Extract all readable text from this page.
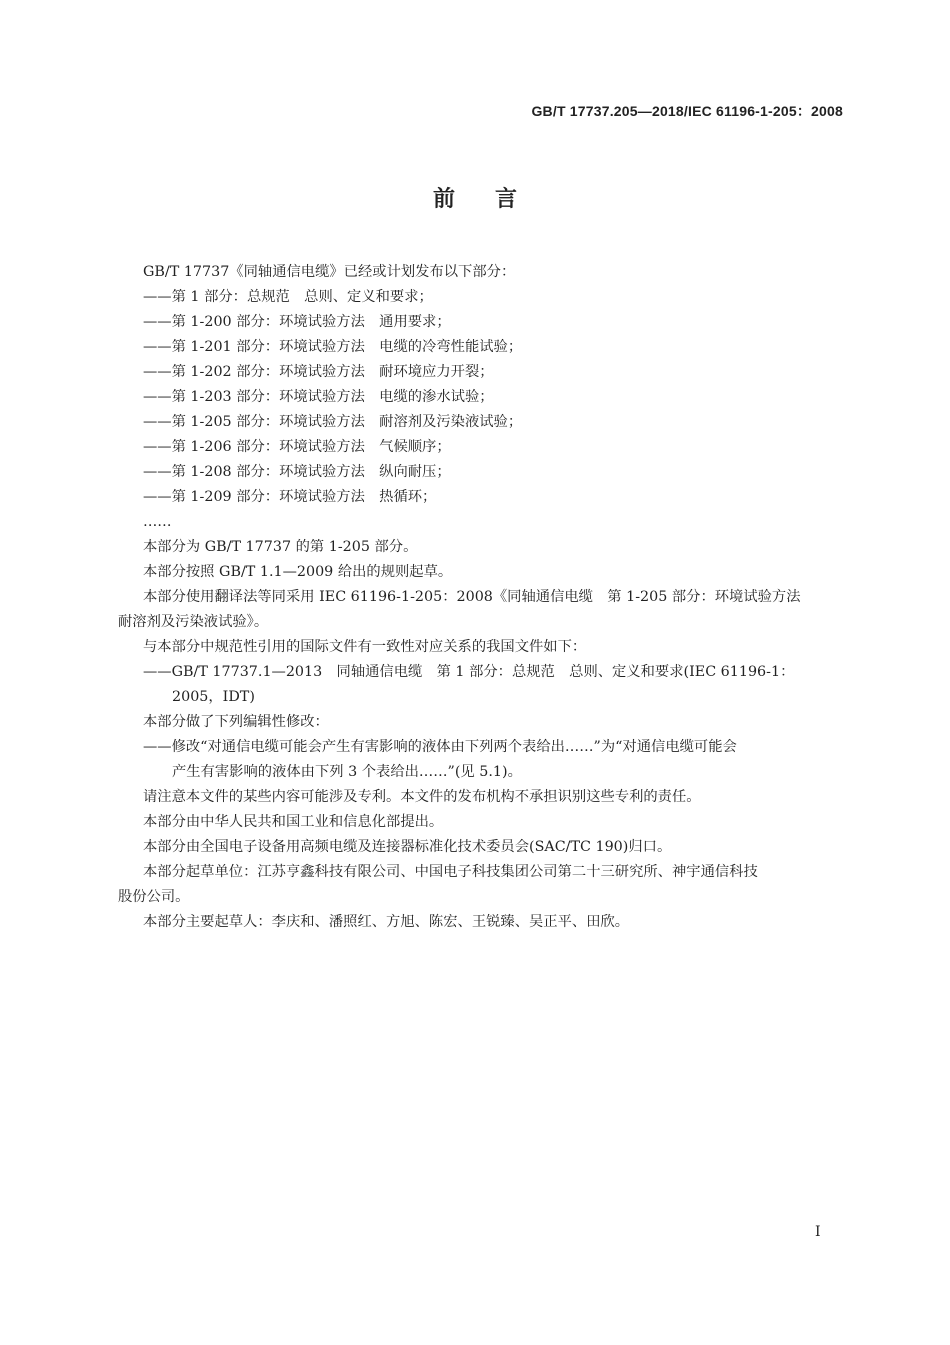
GB/T 17737.205—2018/IEC 61196-1-205：2008
前言
GB/T 17737《同轴通信电缆》已经或计划发布以下部分：
——第 1 部分：总规范　总则、定义和要求；
——第 1-200 部分：环境试验方法　通用要求；
——第 1-201 部分：环境试验方法　电缆的冷弯性能试验；
——第 1-202 部分：环境试验方法　耐环境应力开裂；
——第 1-203 部分：环境试验方法　电缆的渗水试验；
——第 1-205 部分：环境试验方法　耐溶剂及污染液试验；
——第 1-206 部分：环境试验方法　气候顺序；
——第 1-208 部分：环境试验方法　纵向耐压；
——第 1-209 部分：环境试验方法　热循环；
……
本部分为 GB/T 17737 的第 1-205 部分。
本部分按照 GB/T 1.1—2009 给出的规则起草。
本部分使用翻译法等同采用 IEC 61196-1-205：2008《同轴通信电缆　第 1-205 部分：环境试验方法
耐溶剂及污染液试验》。
与本部分中规范性引用的国际文件有一致性对应关系的我国文件如下：
——GB/T 17737.1—2013　同轴通信电缆　第 1 部分：总规范　总则、定义和要求(IEC 61196-1：
2005，IDT)
本部分做了下列编辑性修改：
——修改“对通信电缆可能会产生有害影响的液体由下列两个表给出……”为“对通信电缆可能会
产生有害影响的液体由下列 3 个表给出……”(见 5.1)。
请注意本文件的某些内容可能涉及专利。本文件的发布机构不承担识别这些专利的责任。
本部分由中华人民共和国工业和信息化部提出。
本部分由全国电子设备用高频电缆及连接器标准化技术委员会(SAC/TC 190)归口。
本部分起草单位：江苏亨鑫科技有限公司、中国电子科技集团公司第二十三研究所、神宇通信科技
股份公司。
本部分主要起草人：李庆和、潘照红、方旭、陈宏、王锐臻、吴正平、田欣。
I
